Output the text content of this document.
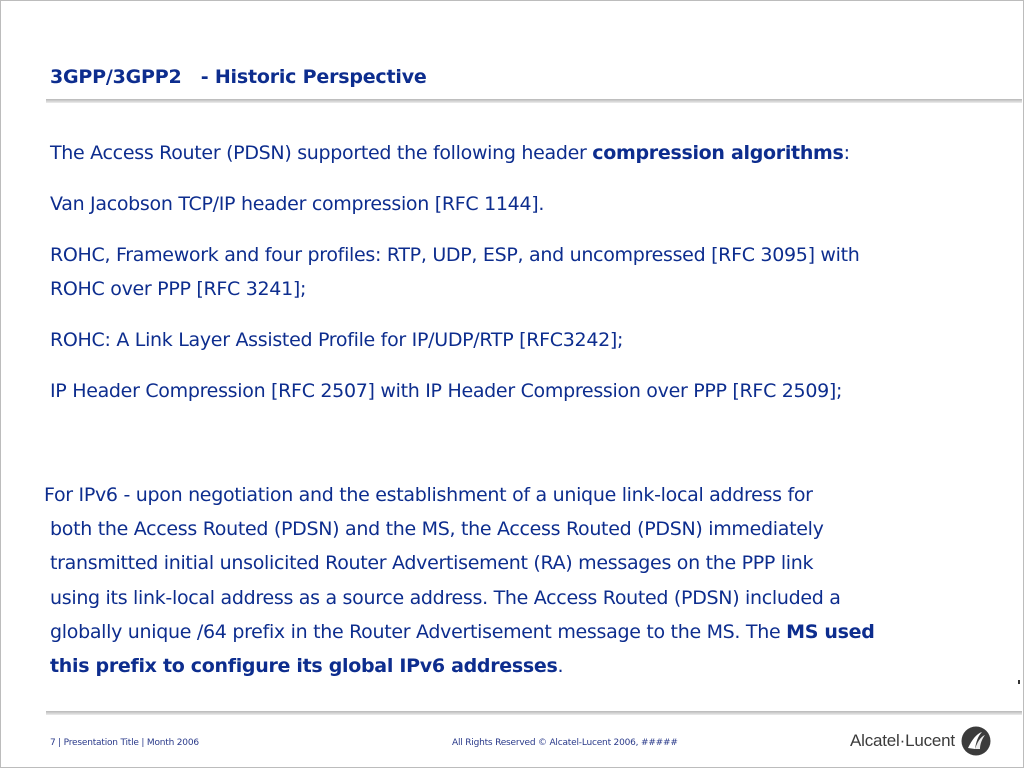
3GPP/3GPP2   - Historic Perspective

The Access Router (PDSN) supported the following header compression algorithms:

Van Jacobson TCP/IP header compression [RFC 1144].

ROHC, Framework and four profiles: RTP, UDP, ESP, and uncompressed [RFC 3095] with
ROHC over PPP [RFC 3241];

ROHC: A Link Layer Assisted Profile for IP/UDP/RTP [RFC3242];

IP Header Compression [RFC 2507] with IP Header Compression over PPP [RFC 2509];

For IPv6 - upon negotiation and the establishment of a unique link-local address for
both the Access Routed (PDSN) and the MS, the Access Routed (PDSN) immediately
transmitted initial unsolicited Router Advertisement (RA) messages on the PPP link
using its link-local address as a source address. The Access Routed (PDSN) included a
globally unique /64 prefix in the Router Advertisement message to the MS. The MS used
this prefix to configure its global IPv6 addresses.
7 | Presentation Title | Month 2006	All Rights Reserved © Alcatel-Lucent 2006, #####	Alcatel·Lucent
